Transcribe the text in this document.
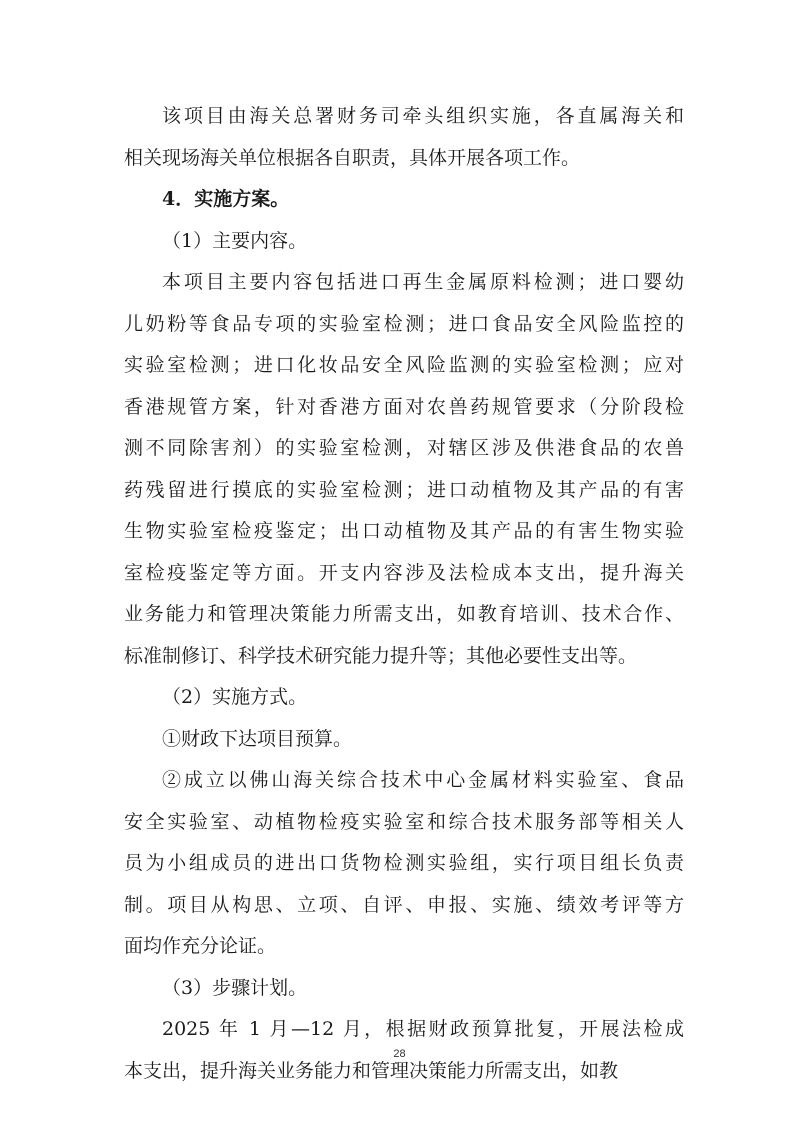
该项目由海关总署财务司牵头组织实施，各直属海关和
相关现场海关单位根据各自职责，具体开展各项工作。
4．实施方案。
（1）主要内容。
本项目主要内容包括进口再生金属原料检测；进口婴幼
儿奶粉等食品专项的实验室检测；进口食品安全风险监控的
实验室检测；进口化妆品安全风险监测的实验室检测；应对
香港规管方案，针对香港方面对农兽药规管要求（分阶段检
测不同除害剂）的实验室检测，对辖区涉及供港食品的农兽
药残留进行摸底的实验室检测；进口动植物及其产品的有害
生物实验室检疫鉴定；出口动植物及其产品的有害生物实验
室检疫鉴定等方面。开支内容涉及法检成本支出，提升海关
业务能力和管理决策能力所需支出，如教育培训、技术合作、
标准制修订、科学技术研究能力提升等；其他必要性支出等。
（2）实施方式。
①财政下达项目预算。
②成立以佛山海关综合技术中心金属材料实验室、食品
安全实验室、动植物检疫实验室和综合技术服务部等相关人
员为小组成员的进出口货物检测实验组，实行项目组长负责
制。项目从构思、立项、自评、申报、实施、绩效考评等方
面均作充分论证。
（3）步骤计划。
2025 年 1 月—12 月，根据财政预算批复，开展法检成
本支出，提升海关业务能力和管理决策能力所需支出，如教
28
